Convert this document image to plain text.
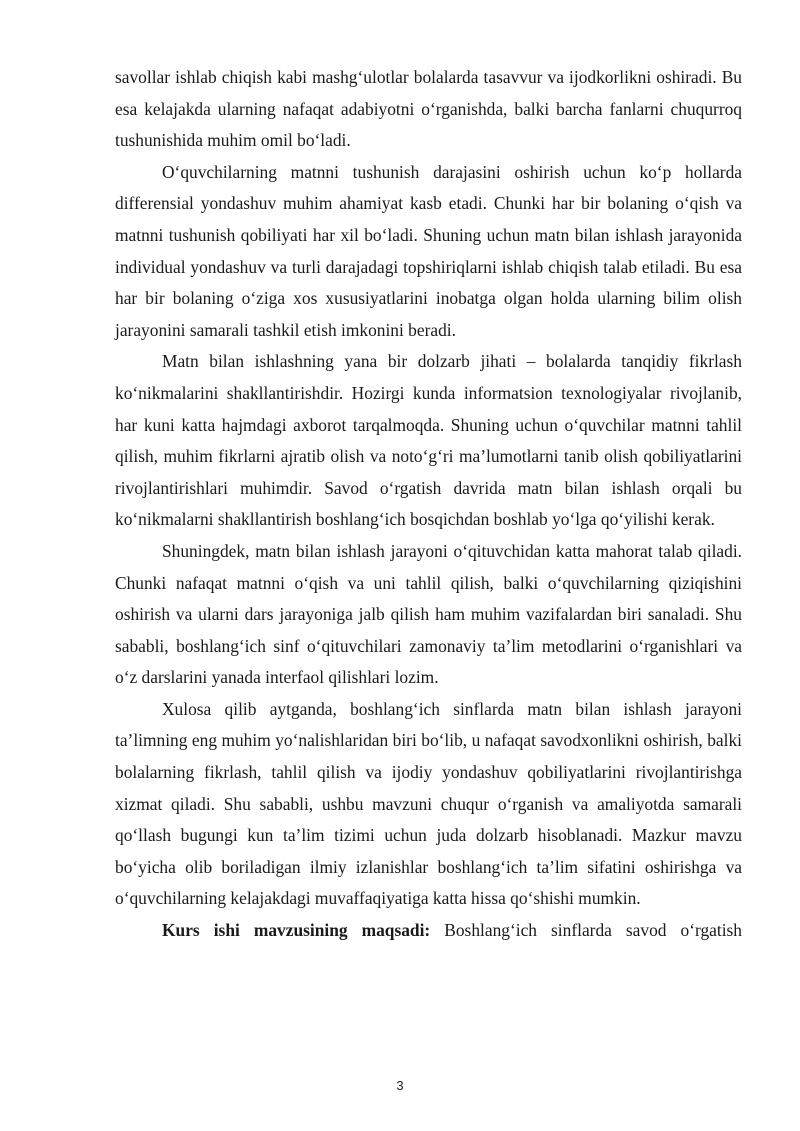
savollar ishlab chiqish kabi mashg‘ulotlar bolalarda tasavvur va ijodkorlikni oshiradi. Bu esa kelajakda ularning nafaqat adabiyotni o‘rganishda, balki barcha fanlarni chuqurroq tushunishida muhim omil bo‘ladi.

O‘quvchilarning matnni tushunish darajasini oshirish uchun ko‘p hollarda differensial yondashuv muhim ahamiyat kasb etadi. Chunki har bir bolaning o‘qish va matnni tushunish qobiliyati har xil bo‘ladi. Shuning uchun matn bilan ishlash jarayonida individual yondashuv va turli darajadagi topshiriqlarni ishlab chiqish talab etiladi. Bu esa har bir bolaning o‘ziga xos xususiyatlarini inobatga olgan holda ularning bilim olish jarayonini samarali tashkil etish imkonini beradi.

Matn bilan ishlashning yana bir dolzarb jihati – bolalarda tanqidiy fikrlash ko‘nikmalarini shakllantirishdir. Hozirgi kunda informatsion texnologiyalar rivojlanib, har kuni katta hajmdagi axborot tarqalmoqda. Shuning uchun o‘quvchilar matnni tahlil qilish, muhim fikrlarni ajratib olish va noto‘g‘ri ma’lumotlarni tanib olish qobiliyatlarini rivojlantirishlari muhimdir. Savod o‘rgatish davrida matn bilan ishlash orqali bu ko‘nikmalarni shakllantirish boshlang‘ich bosqichdan boshlab yo‘lga qo‘yilishi kerak.

Shuningdek, matn bilan ishlash jarayoni o‘qituvchidan katta mahorat talab qiladi. Chunki nafaqat matnni o‘qish va uni tahlil qilish, balki o‘quvchilarning qiziqishini oshirish va ularni dars jarayoniga jalb qilish ham muhim vazifalardan biri sanaladi. Shu sababli, boshlang‘ich sinf o‘qituvchilari zamonaviy ta’lim metodlarini o‘rganishlari va o‘z darslarini yanada interfaol qilishlari lozim.

Xulosa qilib aytganda, boshlang‘ich sinflarda matn bilan ishlash jarayoni ta’limning eng muhim yo‘nalishlaridan biri bo‘lib, u nafaqat savodxonlikni oshirish, balki bolalarning fikrlash, tahlil qilish va ijodiy yondashuv qobiliyatlarini rivojlantirishga xizmat qiladi. Shu sababli, ushbu mavzuni chuqur o‘rganish va amaliyotda samarali qo‘llash bugungi kun ta’lim tizimi uchun juda dolzarb hisoblanadi. Mazkur mavzu bo‘yicha olib boriladigan ilmiy izlanishlar boshlang‘ich ta’lim sifatini oshirishga va o‘quvchilarning kelajakdagi muvaffaqiyatiga katta hissa qo‘shishi mumkin.

Kurs ishi mavzusining maqsadi: Boshlang‘ich sinflarda savod o‘rgatish

3
